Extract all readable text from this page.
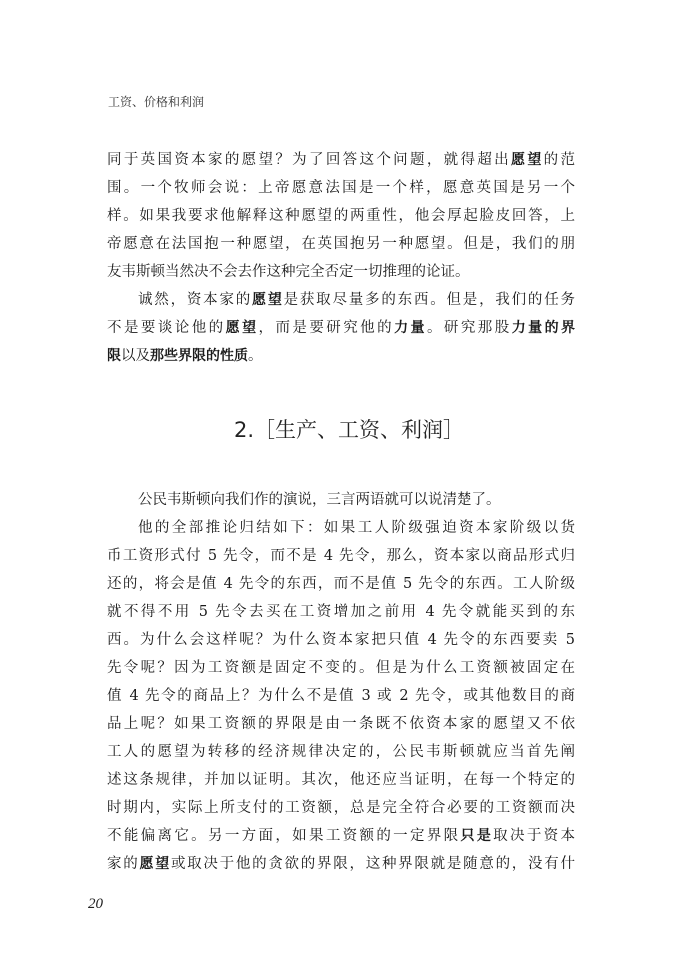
工资、价格和利润
同于英国资本家的愿望？为了回答这个问题，就得超出愿望的范
围。一个牧师会说：上帝愿意法国是一个样，愿意英国是另一个
样。如果我要求他解释这种愿望的两重性，他会厚起脸皮回答，上
帝愿意在法国抱一种愿望，在英国抱另一种愿望。但是，我们的朋
友韦斯顿当然决不会去作这种完全否定一切推理的论证。
诚然，资本家的愿望是获取尽量多的东西。但是，我们的任务
不是要谈论他的愿望，而是要研究他的力量。研究那股力量的界
限以及那些界限的性质。
2.［生产、工资、利润］
公民韦斯顿向我们作的演说，三言两语就可以说清楚了。
他的全部推论归结如下：如果工人阶级强迫资本家阶级以货
币工资形式付 5 先令，而不是 4 先令，那么，资本家以商品形式归
还的，将会是值 4 先令的东西，而不是值 5 先令的东西。工人阶级
就不得不用 5 先令去买在工资增加之前用 4 先令就能买到的东
西。为什么会这样呢？为什么资本家把只值 4 先令的东西要卖 5
先令呢？因为工资额是固定不变的。但是为什么工资额被固定在
值 4 先令的商品上？为什么不是值 3 或 2 先令，或其他数目的商
品上呢？如果工资额的界限是由一条既不依资本家的愿望又不依
工人的愿望为转移的经济规律决定的，公民韦斯顿就应当首先阐
述这条规律，并加以证明。其次，他还应当证明，在每一个特定的
时期内，实际上所支付的工资额，总是完全符合必要的工资额而决
不能偏离它。另一方面，如果工资额的一定界限只是取决于资本
家的愿望或取决于他的贪欲的界限，这种界限就是随意的，没有什
20
